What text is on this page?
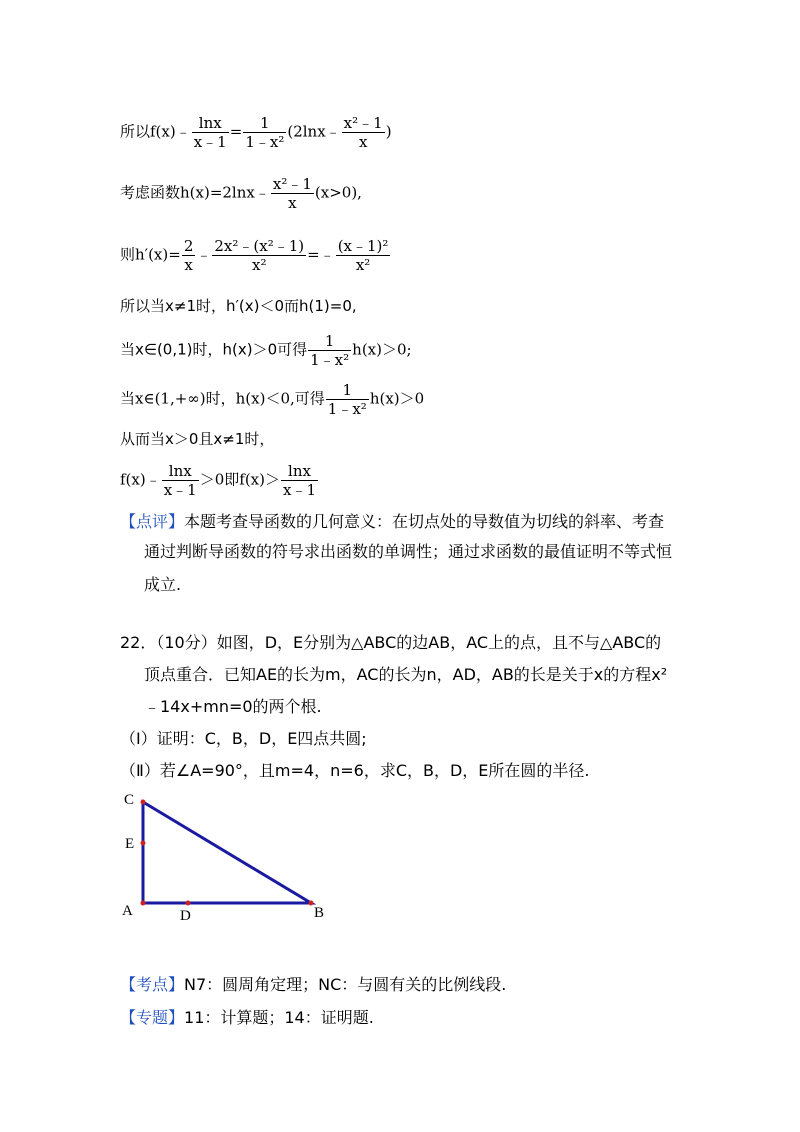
所以f(x)﹣ $\frac{\ln x}{x﹣1} = \frac{1}{\text{1﹣x²}}$ (2lnx﹣ $\frac{\text{x²﹣1}}{x}$ )
考虑函数h(x)=2lnx﹣ $\frac{\text{x²﹣1}}{x} (x>0)$,
则$h'(x)= \frac{2}{x}$ ﹣ $\frac{\text{2x²﹣(x²﹣1)}}{\text{x²}}$ =﹣ $\frac{\text{(x﹣1)²}}{\text{x²}}$
所以当x≠1时，h′(x)＜0而h(1)=0,
当x∈(0,1)时，h(x)＞0可得 $\frac{1}{\text{1﹣x²}} h(x)>0$;
当x∈(1,+∞)时，h(x)＜0,可得 $\frac{1}{\text{1﹣x²}} h(x)>0$
从而当x＞0且x≠1时，
f(x)﹣ $\frac{\ln x}{x﹣1} >0$即$f(x)> \frac{\ln x}{x﹣1}$
【点评】本题考查导函数的几何意义：在切点处的导数值为切线的斜率、考查
通过判断导函数的符号求出函数的单调性；通过求函数的最值证明不等式恒
成立.
22．（10分）如图，D，E分别为△ABC的边AB，AC上的点，且不与△ABC的
顶点重合．已知AE的长为m，AC的长为n，AD，AB的长是关于x的方程x²
﹣14x+mn=0的两个根.
（Ⅰ）证明：C，B，D，E四点共圆;
（Ⅱ）若∠A=90°，且m=4，n=6，求C，B，D，E所在圆的半径.
C
E
A	D	B
【考点】N7：圆周角定理；NC：与圆有关的比例线段.
【专题】11：计算题；14：证明题.
